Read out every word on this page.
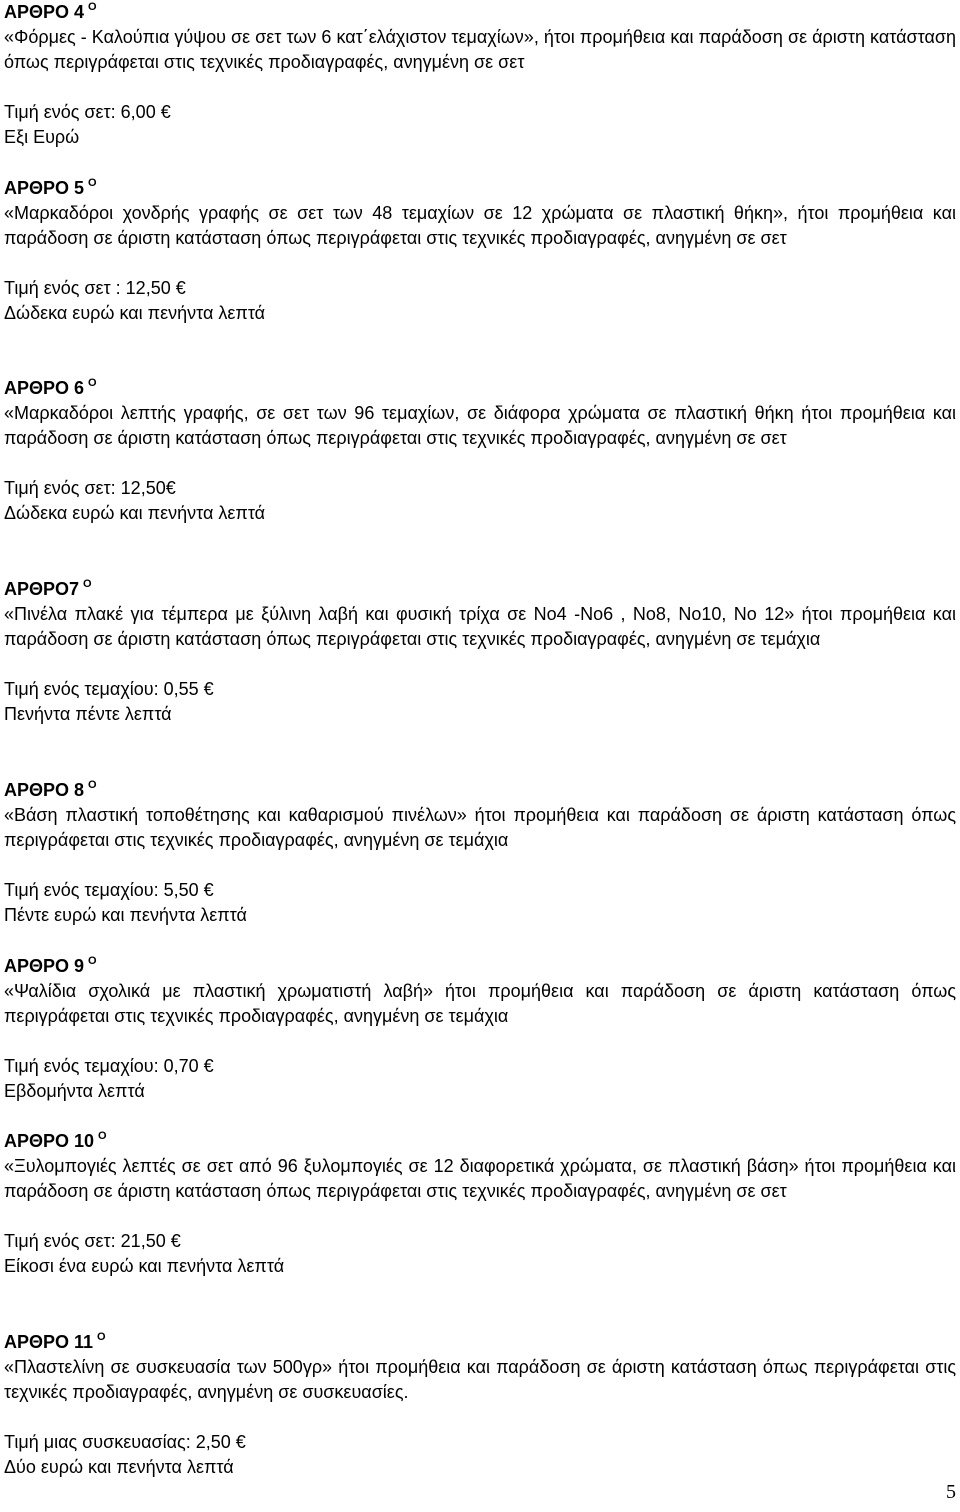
ΑΡΘΡΟ 4 $^O$
«Φόρμες - Καλούπια γύψου σε σετ των 6 κατ΄ελάχιστον τεμαχίων», ήτοι προμήθεια και παράδοση σε άριστη κατάσταση όπως περιγράφεται στις τεχνικές προδιαγραφές, ανηγμένη σε σετ
Τιμή ενός σετ: 6,00 €
Εξι Ευρώ
ΑΡΘΡΟ 5 $^O$
«Μαρκαδόροι χονδρής γραφής σε σετ των 48 τεμαχίων σε 12 χρώματα σε πλαστική θήκη», ήτοι προμήθεια και παράδοση σε άριστη κατάσταση όπως περιγράφεται στις τεχνικές προδιαγραφές, ανηγμένη σε σετ
Τιμή ενός σετ : 12,50 €
Δώδεκα ευρώ και πενήντα λεπτά
ΑΡΘΡΟ 6 $^O$
«Μαρκαδόροι λεπτής γραφής, σε σετ των 96 τεμαχίων, σε διάφορα χρώματα σε πλαστική θήκη ήτοι προμήθεια και παράδοση σε άριστη κατάσταση όπως περιγράφεται στις τεχνικές προδιαγραφές, ανηγμένη σε σετ
Τιμή ενός σετ: 12,50€
Δώδεκα ευρώ και πενήντα λεπτά
ΑΡΘΡΟ7 $^O$
«Πινέλα πλακέ για τέμπερα με ξύλινη λαβή και φυσική τρίχα σε Νο4 -Νο6 , Νο8, Νο10, Νο 12» ήτοι προμήθεια και παράδοση σε άριστη κατάσταση όπως περιγράφεται στις τεχνικές προδιαγραφές, ανηγμένη σε τεμάχια
Τιμή ενός τεμαχίου: 0,55 €
Πενήντα πέντε λεπτά
ΑΡΘΡΟ 8 $^O$
«Βάση πλαστική τοποθέτησης και καθαρισμού πινέλων» ήτοι προμήθεια και παράδοση σε άριστη κατάσταση όπως περιγράφεται στις τεχνικές προδιαγραφές, ανηγμένη σε τεμάχια
Τιμή ενός τεμαχίου: 5,50 €
Πέντε ευρώ και πενήντα λεπτά
ΑΡΘΡΟ 9 $^O$
«Ψαλίδια σχολικά με πλαστική χρωματιστή λαβή» ήτοι προμήθεια και παράδοση σε άριστη κατάσταση όπως περιγράφεται στις τεχνικές προδιαγραφές, ανηγμένη σε τεμάχια
Τιμή ενός τεμαχίου: 0,70 €
Εβδομήντα λεπτά
ΑΡΘΡΟ 10 $^O$
«Ξυλομπογιές λεπτές σε σετ από 96 ξυλομπογιές σε 12 διαφορετικά χρώματα, σε πλαστική βάση» ήτοι προμήθεια και παράδοση σε άριστη κατάσταση όπως περιγράφεται στις τεχνικές προδιαγραφές, ανηγμένη σε σετ
Τιμή ενός σετ: 21,50 €
Είκοσι ένα ευρώ και πενήντα λεπτά
ΑΡΘΡΟ 11 $^O$
«Πλαστελίνη σε συσκευασία των 500γρ» ήτοι προμήθεια και παράδοση σε άριστη κατάσταση όπως περιγράφεται στις τεχνικές προδιαγραφές, ανηγμένη σε συσκευασίες.
Τιμή μιας συσκευασίας: 2,50 €
Δύο ευρώ και πενήντα λεπτά
5
